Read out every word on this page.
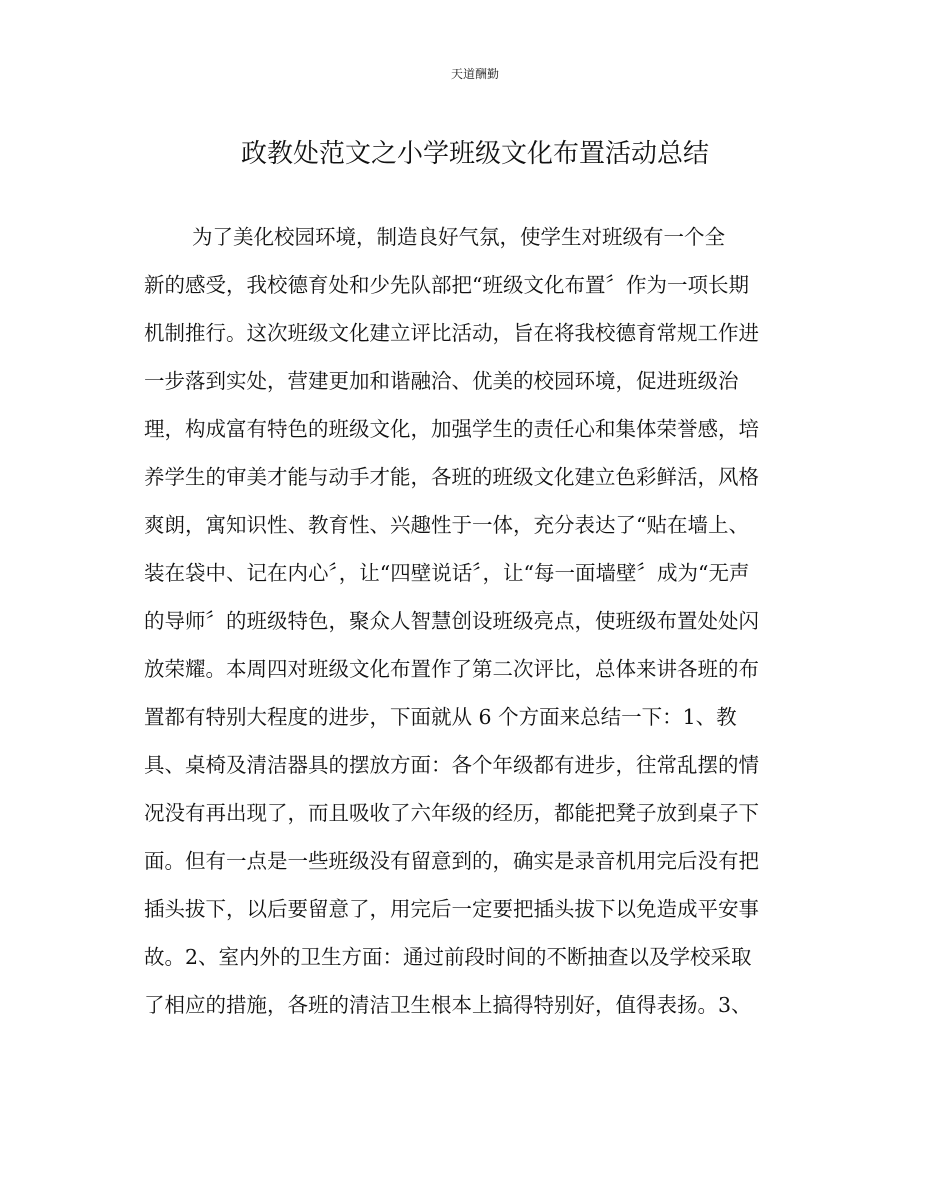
天道酬勤
政教处范文之小学班级文化布置活动总结
为了美化校园环境，制造良好气氛，使学生对班级有一个全
新的感受，我校德育处和少先队部把“班级文化布置〞作为一项长期
机制推行。这次班级文化建立评比活动，旨在将我校德育常规工作进
一步落到实处，营建更加和谐融洽、优美的校园环境，促进班级治
理，构成富有特色的班级文化，加强学生的责任心和集体荣誉感，培
养学生的审美才能与动手才能，各班的班级文化建立色彩鲜活，风格
爽朗，寓知识性、教育性、兴趣性于一体，充分表达了“贴在墙上、
装在袋中、记在内心〞，让“四壁说话〞，让“每一面墙壁〞成为“无声
的导师〞的班级特色，聚众人智慧创设班级亮点，使班级布置处处闪
放荣耀。本周四对班级文化布置作了第二次评比，总体来讲各班的布
置都有特别大程度的进步，下面就从 6 个方面来总结一下：1、教
具、桌椅及清洁器具的摆放方面：各个年级都有进步，往常乱摆的情
况没有再出现了，而且吸收了六年级的经历，都能把凳子放到桌子下
面。但有一点是一些班级没有留意到的，确实是录音机用完后没有把
插头拔下，以后要留意了，用完后一定要把插头拔下以免造成平安事
故。2、室内外的卫生方面：通过前段时间的不断抽查以及学校采取
了相应的措施，各班的清洁卫生根本上搞得特别好，值得表扬。3、
